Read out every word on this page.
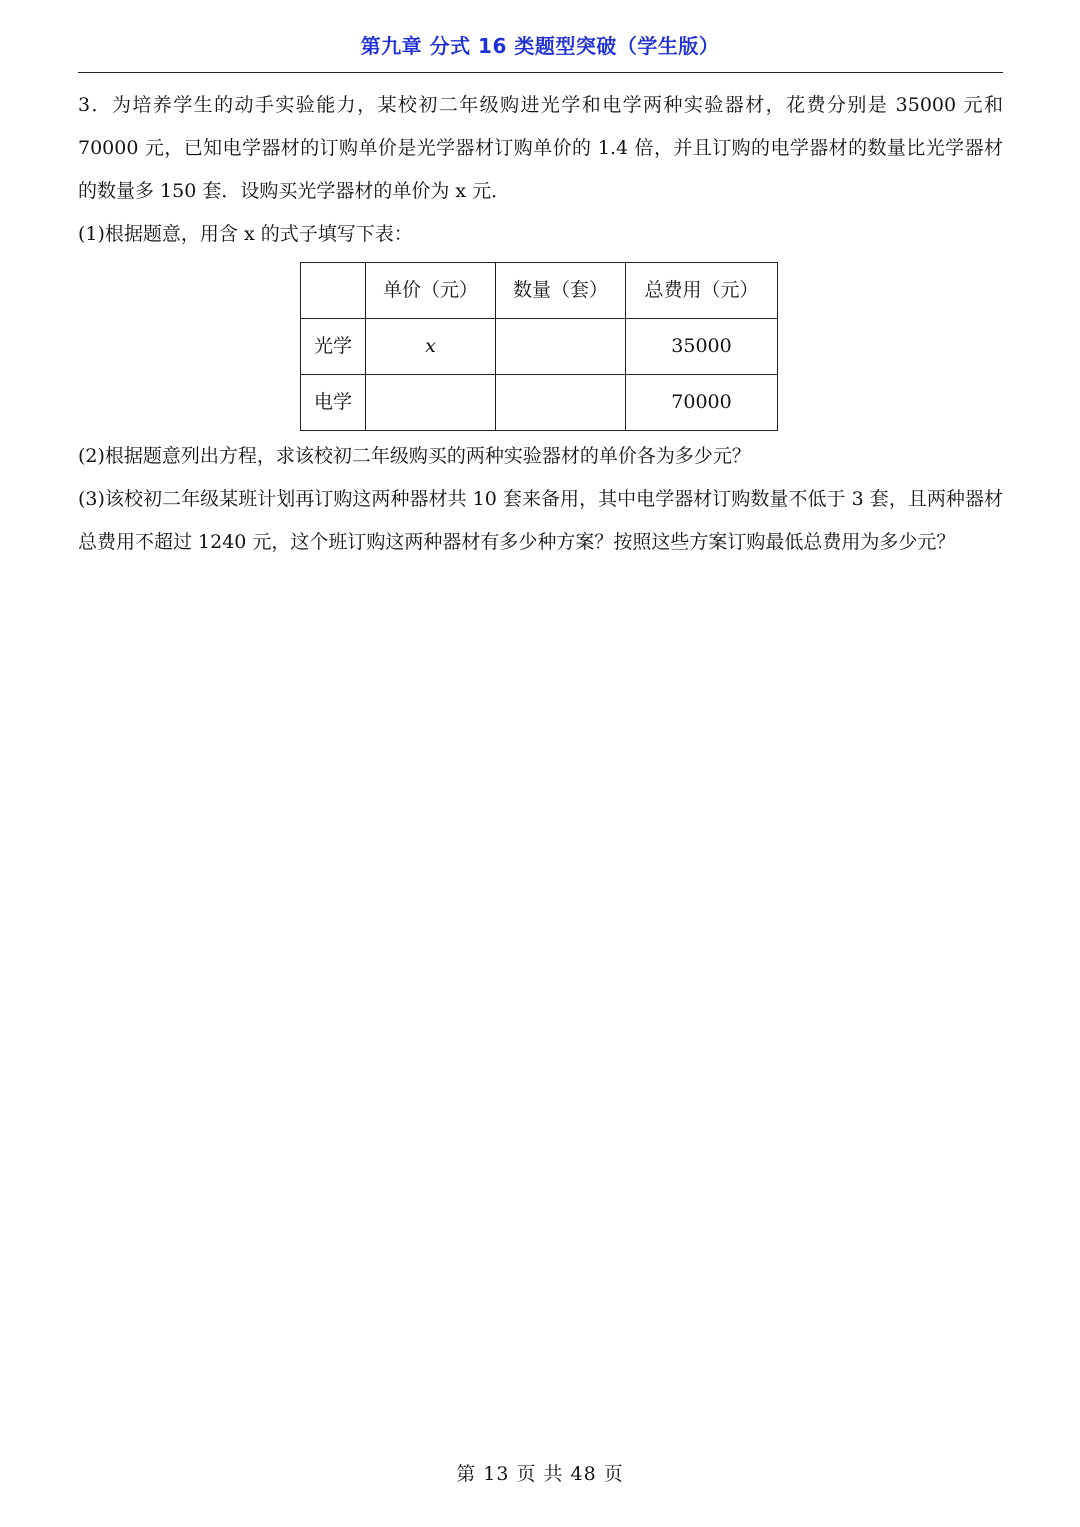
第九章 分式 16 类题型突破（学生版）

3．为培养学生的动手实验能力，某校初二年级购进光学和电学两种实验器材，花费分别是 35000 元和 70000 元，已知电学器材的订购单价是光学器材订购单价的 1.4 倍，并且订购的电学器材的数量比光学器材的数量多 150 套．设购买光学器材的单价为 x 元．

(1)根据题意，用含 x 的式子填写下表：

	单价（元）	数量（套）	总费用（元）
光学	x		35000
电学			70000

(2)根据题意列出方程，求该校初二年级购买的两种实验器材的单价各为多少元？

(3)该校初二年级某班计划再订购这两种器材共 10 套来备用，其中电学器材订购数量不低于 3 套，且两种器材总费用不超过 1240 元，这个班订购这两种器材有多少种方案？按照这些方案订购最低总费用为多少元？

第 13 页 共 48 页
